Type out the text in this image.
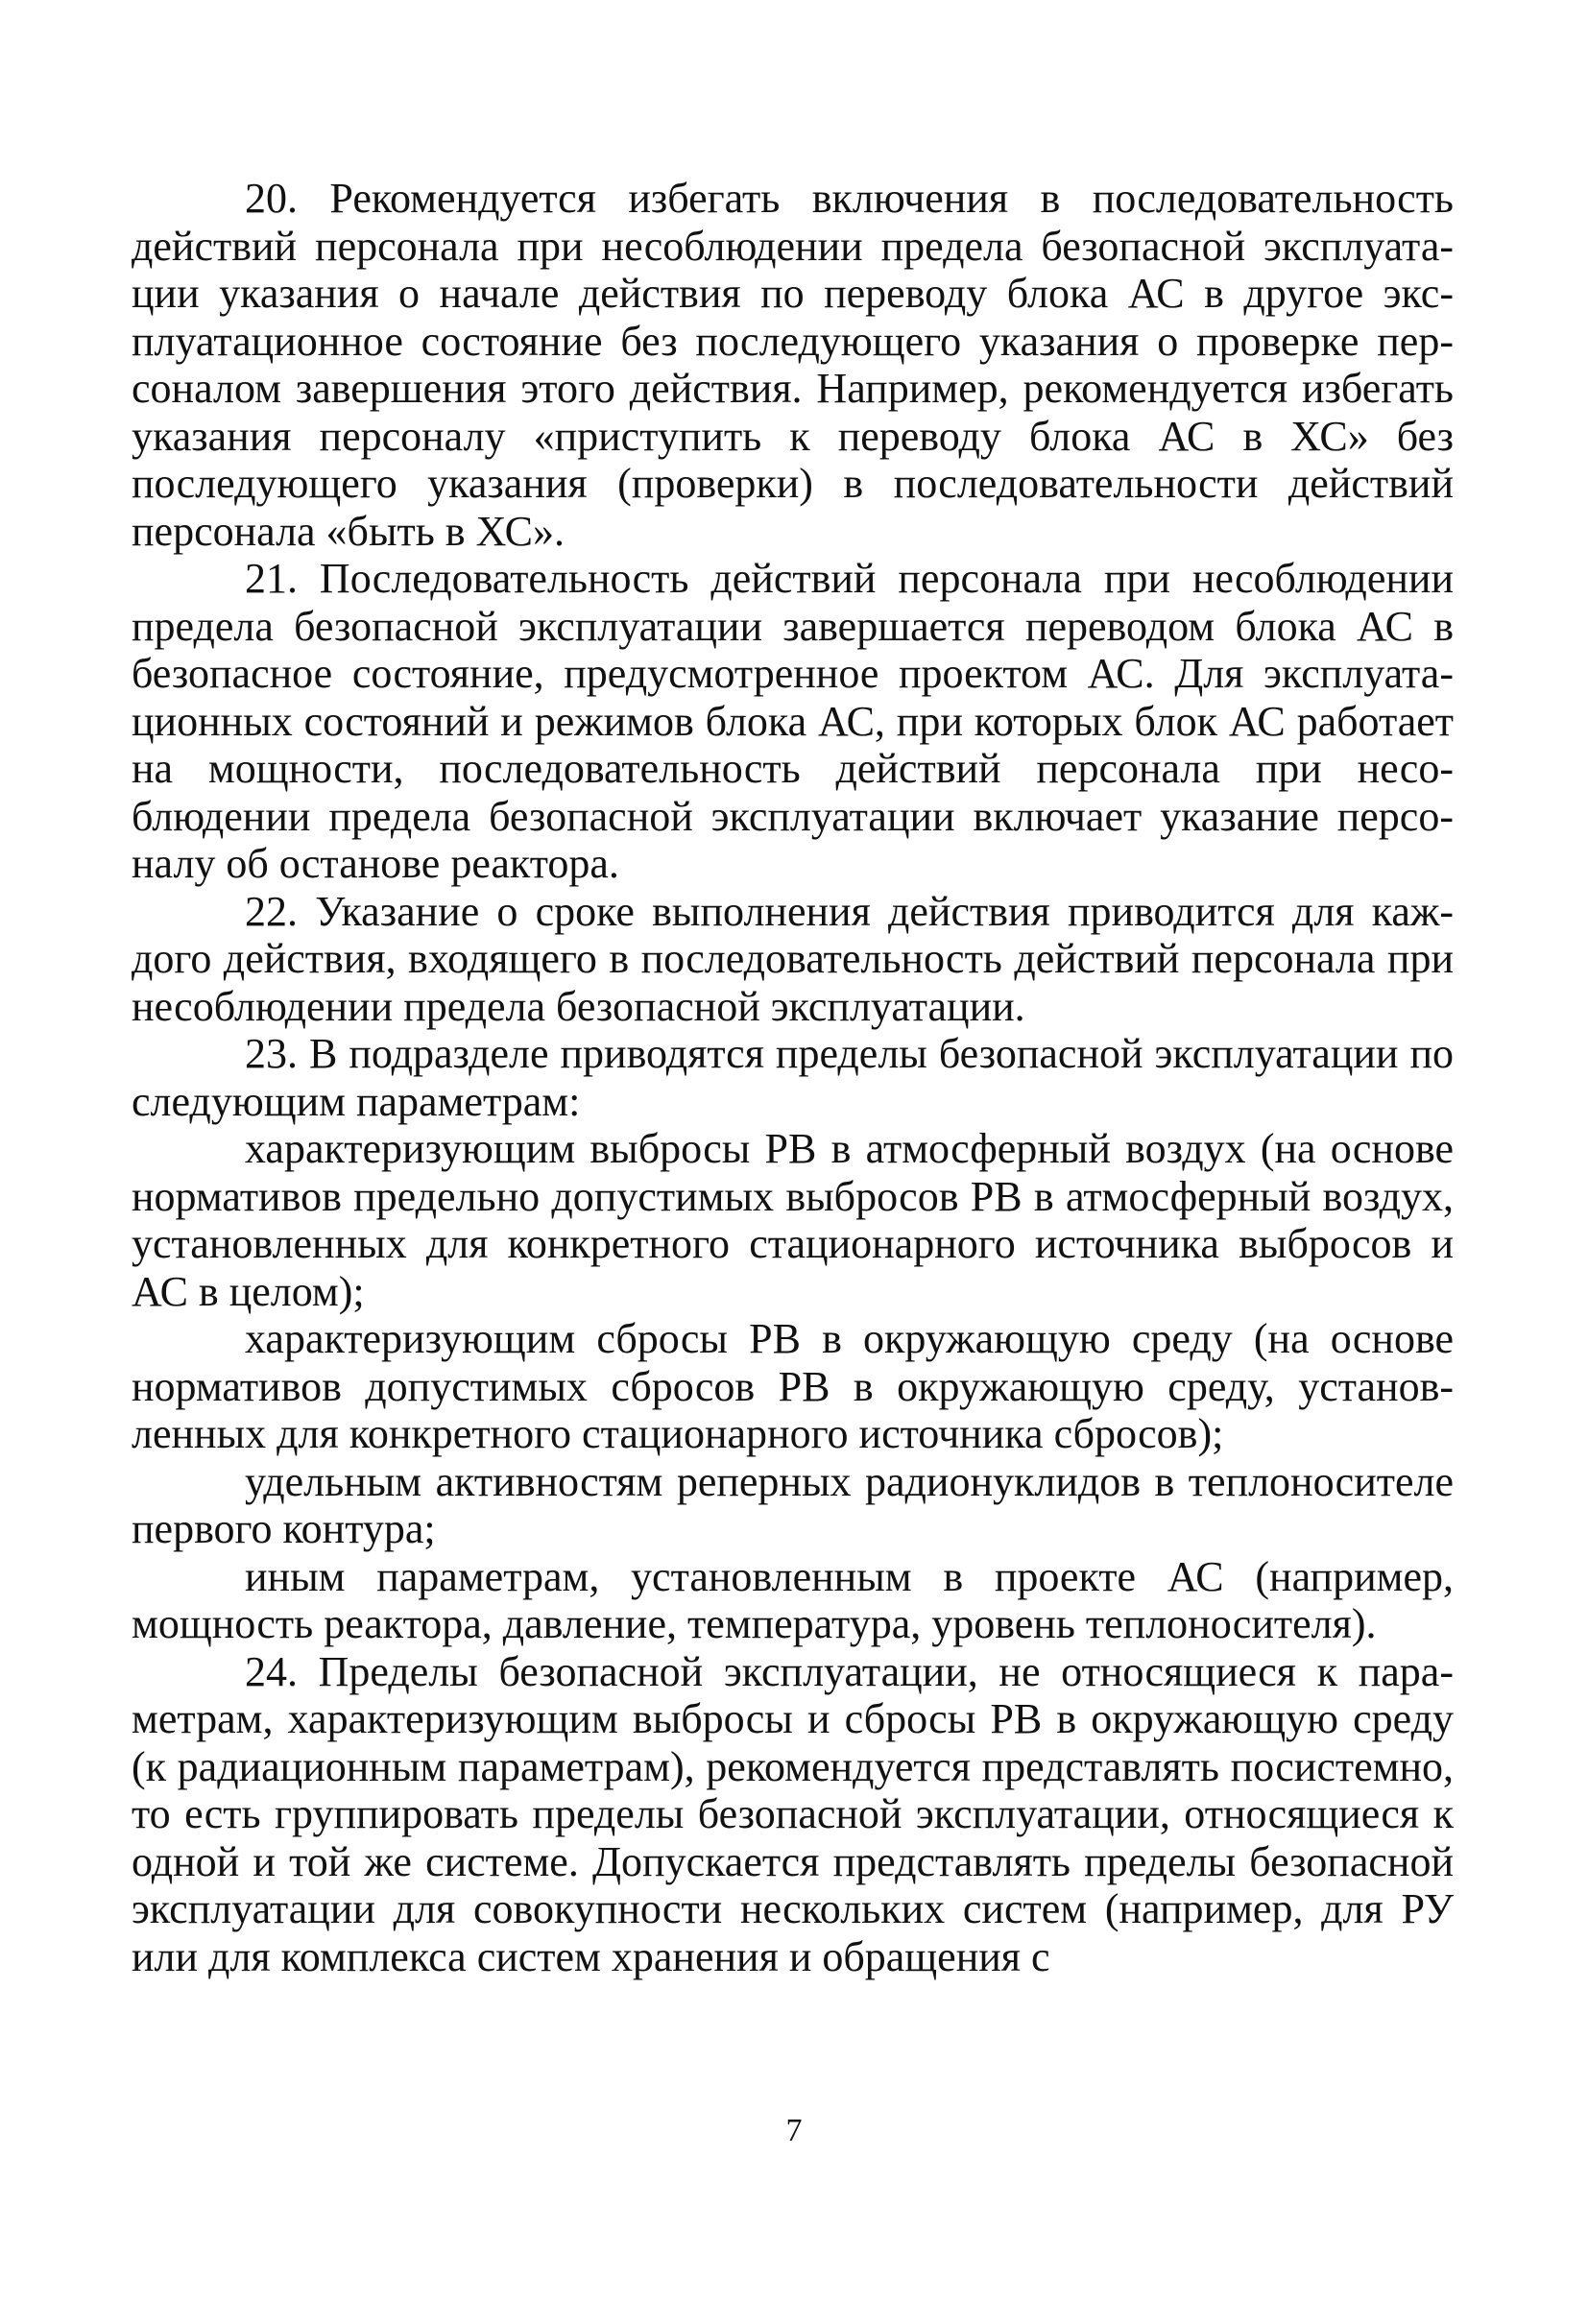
20. Рекомендуется избегать включения в последовательность действий персонала при несоблюдении предела безопасной эксплуатации указания о начале действия по переводу блока АС в другое эксплуатационное состояние без последующего указания о проверке персоналом завершения этого действия. Например, рекомендуется избегать указания персоналу «приступить к переводу блока АС в ХС» без последующего указания (проверки) в последовательности действий персонала «быть в ХС».

21. Последовательность действий персонала при несоблюдении предела безопасной эксплуатации завершается переводом блока АС в безопасное состояние, предусмотренное проектом АС. Для эксплуатационных состояний и режимов блока АС, при которых блок АС работает на мощности, последовательность действий персонала при несоблюдении предела безопасной эксплуатации включает указание персоналу об останове реактора.

22. Указание о сроке выполнения действия приводится для каждого действия, входящего в последовательность действий персонала при несоблюдении предела безопасной эксплуатации.

23. В подразделе приводятся пределы безопасной эксплуатации по следующим параметрам:

характеризующим выбросы РВ в атмосферный воздух (на основе нормативов предельно допустимых выбросов РВ в атмосферный воздух, установленных для конкретного стационарного источника выбросов и АС в целом);

характеризующим сбросы РВ в окружающую среду (на основе нормативов допустимых сбросов РВ в окружающую среду, установленных для конкретного стационарного источника сбросов);

удельным активностям реперных радионуклидов в теплоносителе первого контура;

иным параметрам, установленным в проекте АС (например, мощность реактора, давление, температура, уровень теплоносителя).

24. Пределы безопасной эксплуатации, не относящиеся к параметрам, характеризующим выбросы и сбросы РВ в окружающую среду (к радиационным параметрам), рекомендуется представлять посистемно, то есть группировать пределы безопасной эксплуатации, относящиеся к одной и той же системе. Допускается представлять пределы безопасной эксплуатации для совокупности нескольких систем (например, для РУ или для комплекса систем хранения и обращения с

7
